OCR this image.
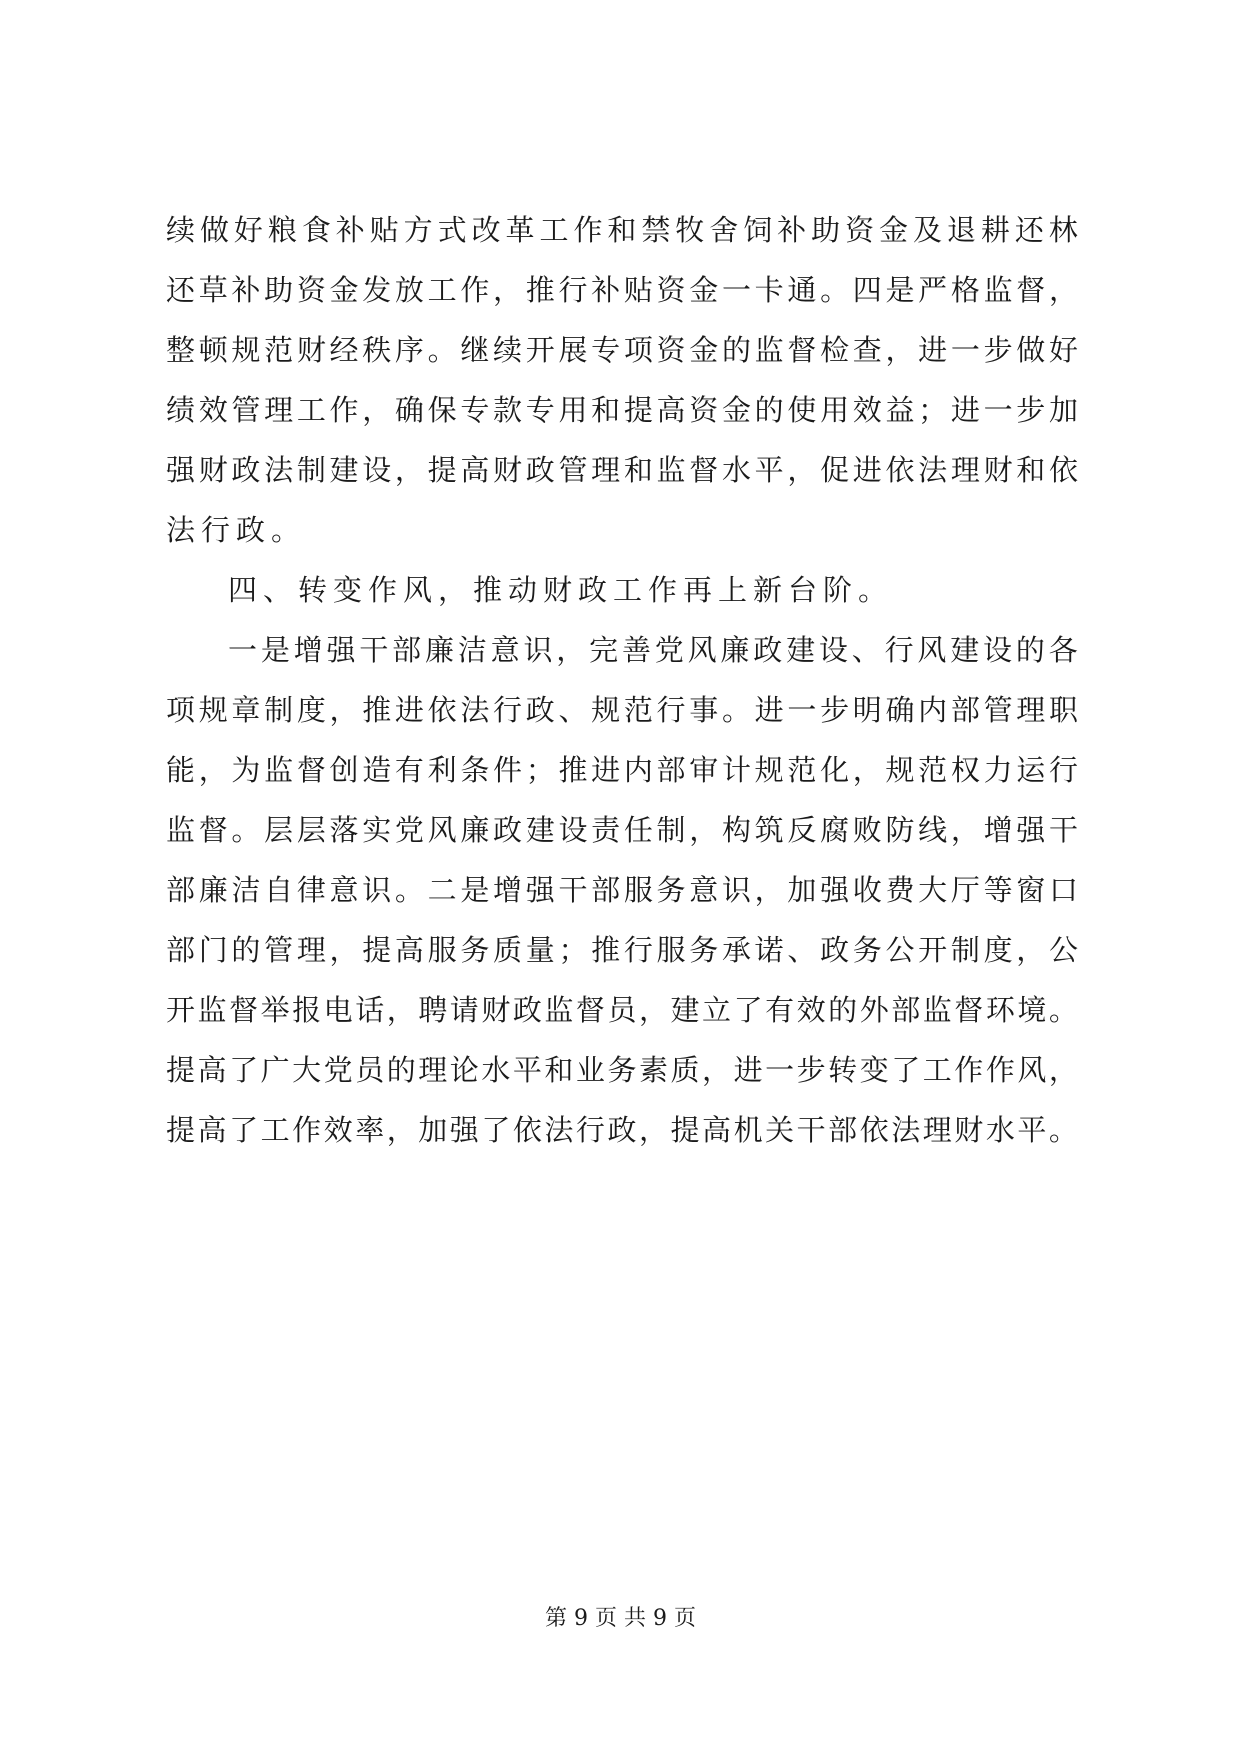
续 做 好 粮 食 补 贴 方 式 改 革 工 作 和 禁 牧 舍 饲 补 助 资 金 及 退 耕 还 林
还 草 补 助 资 金 发 放 工 作 ， 推 行 补 贴 资 金 一 卡 通 。 四 是 严 格 监 督 ，
整 顿 规 范 财 经 秩 序 。 继 续 开 展 专 项 资 金 的 监 督 检 查 ， 进 一 步 做 好
绩 效 管 理 工 作 ， 确 保 专 款 专 用 和 提 高 资 金 的 使 用 效 益 ； 进 一 步 加
强 财 政 法 制 建 设 ， 提 高 财 政 管 理 和 监 督 水 平 ， 促 进 依 法 理 财 和 依
法行政。
四、转变作风，推动财政工作再上新台阶。
一 是 增 强 干 部 廉 洁 意 识 ， 完 善 党 风 廉 政 建 设 、 行 风 建 设 的 各
项 规 章 制 度 ， 推 进 依 法 行 政 、 规 范 行 事 。 进 一 步 明 确 内 部 管 理 职
能 ， 为 监 督 创 造 有 利 条 件 ； 推 进 内 部 审 计 规 范 化 ， 规 范 权 力 运 行
监 督 。 层 层 落 实 党 风 廉 政 建 设 责 任 制 ， 构 筑 反 腐 败 防 线 ， 增 强 干
部 廉 洁 自 律 意 识 。 二 是 增 强 干 部 服 务 意 识 ， 加 强 收 费 大 厅 等 窗 口
部 门 的 管 理 ， 提 高 服 务 质 量 ； 推 行 服 务 承 诺 、 政 务 公 开 制 度 ， 公
开 监 督 举 报 电 话 ， 聘 请 财 政 监 督 员 ， 建 立 了 有 效 的 外 部 监 督 环 境 。
提 高 了 广 大 党 员 的 理 论 水 平 和 业 务 素 质 ， 进 一 步 转 变 了 工 作 作 风 ，
提 高 了 工 作 效 率 ， 加 强 了 依 法 行 政 ， 提 高 机 关 干 部 依 法 理 财 水 平 。
第 9 页 共 9 页
